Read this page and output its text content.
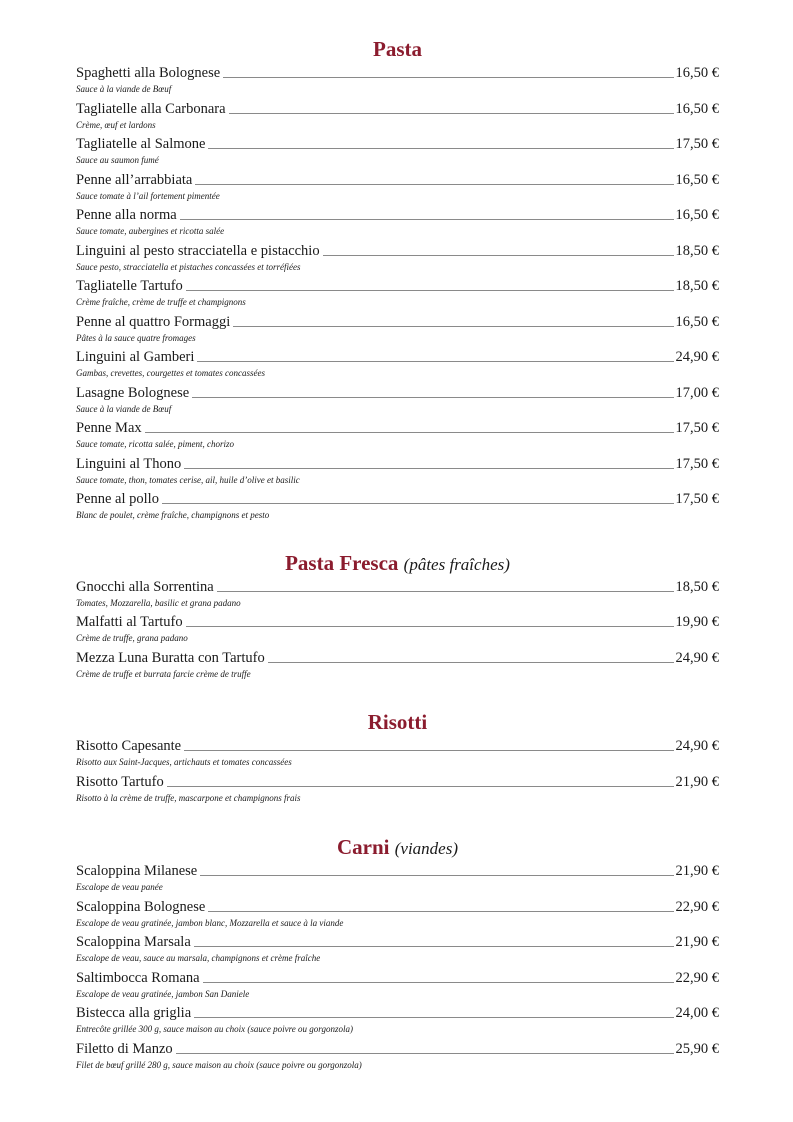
Pasta
Spaghetti alla Bolognese	16,50 €
Sauce à la viande de Bœuf
Tagliatelle alla Carbonara	16,50 €
Crème, œuf et lardons
Tagliatelle al Salmone	17,50 €
Sauce au saumon fumé
Penne all’arrabbiata	16,50 €
Sauce tomate à l’ail fortement pimentée
Penne alla norma	16,50 €
Sauce tomate, aubergines et ricotta salée
Linguini al pesto stracciatella e pistacchio	18,50 €
Sauce pesto, stracciatella et pistaches concassées et torréfiées
Tagliatelle Tartufo	18,50 €
Crème fraîche, crème de truffe et champignons
Penne al quattro Formaggi	16,50 €
Pâtes à la sauce quatre fromages
Linguini al Gamberi	24,90 €
Gambas, crevettes, courgettes et tomates concassées
Lasagne Bolognese	17,00 €
Sauce à la viande de Bœuf
Penne Max	17,50 €
Sauce tomate, ricotta salée, piment, chorizo
Linguini al Thono	17,50 €
Sauce tomate, thon, tomates cerise, ail, huile d’olive et basilic
Penne al pollo	17,50 €
Blanc de poulet, crème fraîche, champignons et pesto
Pasta Fresca (pâtes fraîches)
Gnocchi alla Sorrentina	18,50 €
Tomates, Mozzarella, basilic et grana padano
Malfatti al Tartufo	19,90 €
Crème de truffe, grana padano
Mezza Luna Buratta con Tartufo	24,90 €
Crème de truffe et burrata farcie crème de truffe
Risotti
Risotto Capesante	24,90 €
Risotto aux Saint-Jacques, artichauts et tomates concassées
Risotto Tartufo	21,90 €
Risotto à la crème de truffe, mascarpone et champignons frais
Carni (viandes)
Scaloppina Milanese	21,90 €
Escalope de veau panée
Scaloppina Bolognese	22,90 €
Escalope de veau gratinée, jambon blanc, Mozzarella et sauce à la viande
Scaloppina Marsala	21,90 €
Escalope de veau, sauce au marsala, champignons et crème fraîche
Saltimbocca Romana	22,90 €
Escalope de veau gratinée, jambon San Daniele
Bistecca alla griglia	24,00 €
Entrecôte grillée 300 g, sauce maison au choix (sauce poivre ou gorgonzola)
Filetto di Manzo	25,90 €
Filet de bœuf grillé 280 g, sauce maison au choix (sauce poivre ou gorgonzola)
